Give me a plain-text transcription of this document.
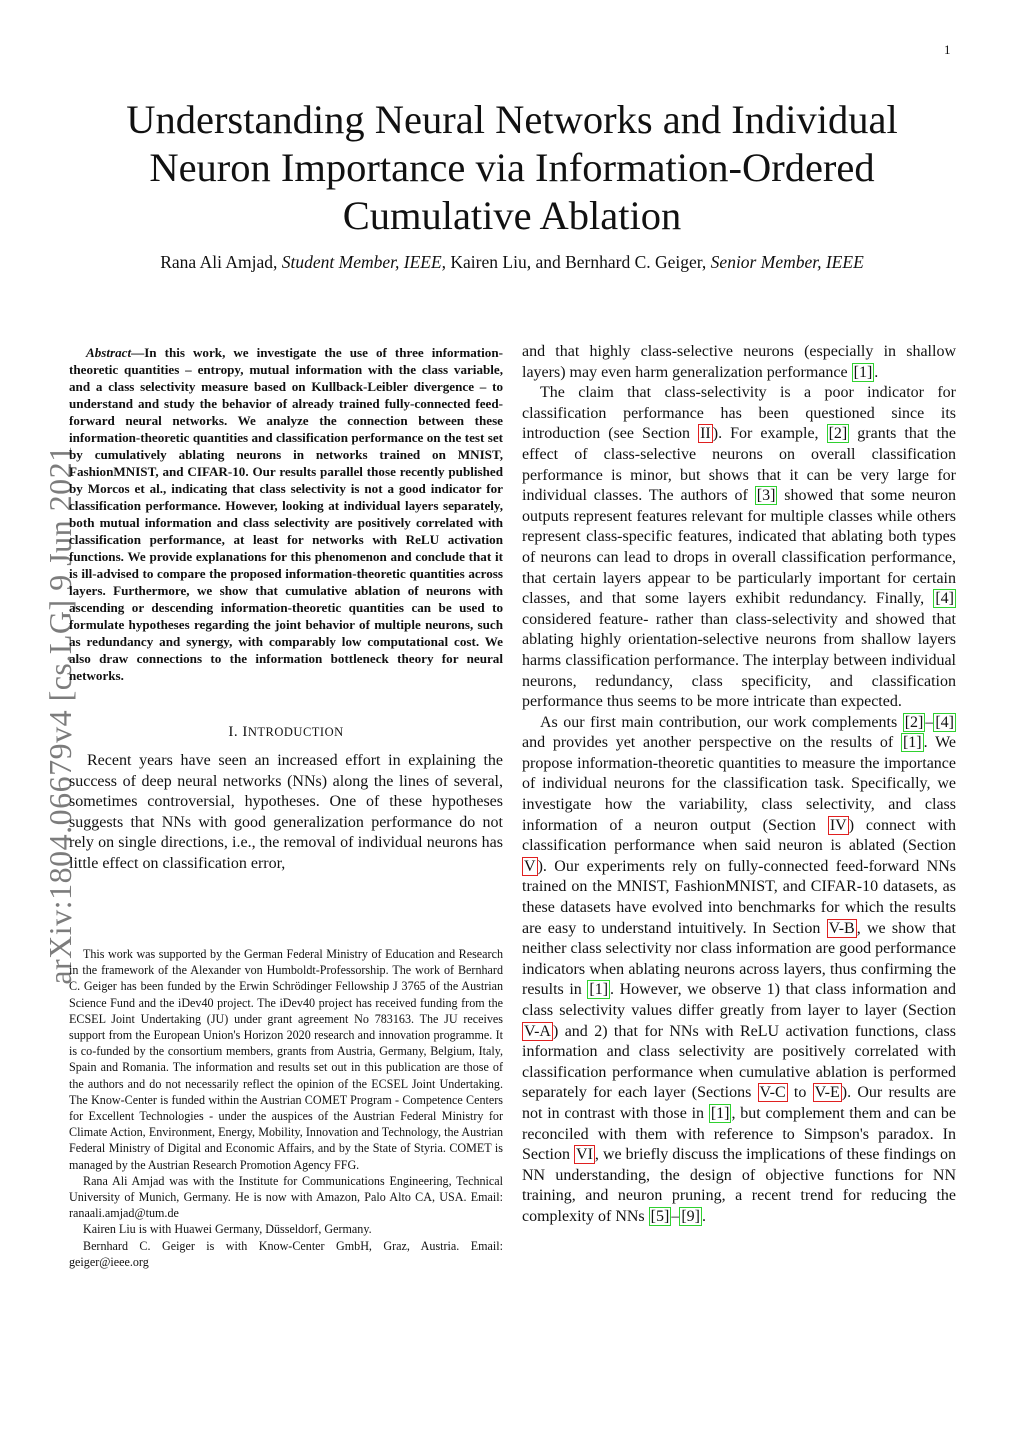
1
arXiv:1804.06679v4 [cs.LG] 9 Jun 2021
Understanding Neural Networks and Individual Neuron Importance via Information-Ordered Cumulative Ablation
Rana Ali Amjad, Student Member, IEEE, Kairen Liu, and Bernhard C. Geiger, Senior Member, IEEE

Abstract—In this work, we investigate the use of three information-theoretic quantities – entropy, mutual information with the class variable, and a class selectivity measure based on Kullback-Leibler divergence – to understand and study the behavior of already trained fully-connected feed-forward neural networks. We analyze the connection between these information-theoretic quantities and classification performance on the test set by cumulatively ablating neurons in networks trained on MNIST, FashionMNIST, and CIFAR-10. Our results parallel those recently published by Morcos et al., indicating that class selectivity is not a good indicator for classification performance. However, looking at individual layers separately, both mutual information and class selectivity are positively correlated with classification performance, at least for networks with ReLU activation functions. We provide explanations for this phenomenon and conclude that it is ill-advised to compare the proposed information-theoretic quantities across layers. Furthermore, we show that cumulative ablation of neurons with ascending or descending information-theoretic quantities can be used to formulate hypotheses regarding the joint behavior of multiple neurons, such as redundancy and synergy, with comparably low computational cost. We also draw connections to the information bottleneck theory for neural networks.

I. INTRODUCTION

Recent years have seen an increased effort in explaining the success of deep neural networks (NNs) along the lines of several, sometimes controversial, hypotheses. One of these hypotheses suggests that NNs with good generalization performance do not rely on single directions, i.e., the removal of individual neurons has little effect on classification error,

This work was supported by the German Federal Ministry of Education and Research in the framework of the Alexander von Humboldt-Professorship. The work of Bernhard C. Geiger has been funded by the Erwin Schrödinger Fellowship J 3765 of the Austrian Science Fund and the iDev40 project. The iDev40 project has received funding from the ECSEL Joint Undertaking (JU) under grant agreement No 783163. The JU receives support from the European Union's Horizon 2020 research and innovation programme. It is co-funded by the consortium members, grants from Austria, Germany, Belgium, Italy, Spain and Romania. The information and results set out in this publication are those of the authors and do not necessarily reflect the opinion of the ECSEL Joint Undertaking. The Know-Center is funded within the Austrian COMET Program - Competence Centers for Excellent Technologies - under the auspices of the Austrian Federal Ministry for Climate Action, Environment, Energy, Mobility, Innovation and Technology, the Austrian Federal Ministry of Digital and Economic Affairs, and by the State of Styria. COMET is managed by the Austrian Research Promotion Agency FFG.

Rana Ali Amjad was with the Institute for Communications Engineering, Technical University of Munich, Germany. He is now with Amazon, Palo Alto CA, USA. Email: ranaali.amjad@tum.de

Kairen Liu is with Huawei Germany, Düsseldorf, Germany.

Bernhard C. Geiger is with Know-Center GmbH, Graz, Austria. Email: geiger@ieee.org

and that highly class-selective neurons (especially in shallow layers) may even harm generalization performance [1] .

The claim that class-selectivity is a poor indicator for classification performance has been questioned since its introduction (see Section II ). For example, [2] grants that the effect of class-selective neurons on overall classification performance is minor, but shows that it can be very large for individual classes. The authors of [3] showed that some neuron outputs represent features relevant for multiple classes while others represent class-specific features, indicated that ablating both types of neurons can lead to drops in overall classification performance, that certain layers appear to be particularly important for certain classes, and that some layers exhibit redundancy. Finally, [4] considered feature- rather than class-selectivity and showed that ablating highly orientation-selective neurons from shallow layers harms classification performance. The interplay between individual neurons, redundancy, class specificity, and classification performance thus seems to be more intricate than expected.

As our first main contribution, our work complements [2] – [4] and provides yet another perspective on the results of [1] . We propose information-theoretic quantities to measure the importance of individual neurons for the classification task. Specifically, we investigate how the variability, class selectivity, and class information of a neuron output (Section IV ) connect with classification performance when said neuron is ablated (Section V ). Our experiments rely on fully-connected feed-forward NNs trained on the MNIST, FashionMNIST, and CIFAR-10 datasets, as these datasets have evolved into benchmarks for which the results are easy to understand intuitively. In Section V-B , we show that neither class selectivity nor class information are good performance indicators when ablating neurons across layers, thus confirming the results in [1] . However, we observe 1) that class information and class selectivity values differ greatly from layer to layer (Section V-A ) and 2) that for NNs with ReLU activation functions, class information and class selectivity are positively correlated with classification performance when cumulative ablation is performed separately for each layer (Sections V-C to V-E ). Our results are not in contrast with those in [1] , but complement them and can be reconciled with them with reference to Simpson's paradox. In Section VI , we briefly discuss the implications of these findings on NN understanding, the design of objective functions for NN training, and neuron pruning, a recent trend for reducing the complexity of NNs [5] – [9] .
